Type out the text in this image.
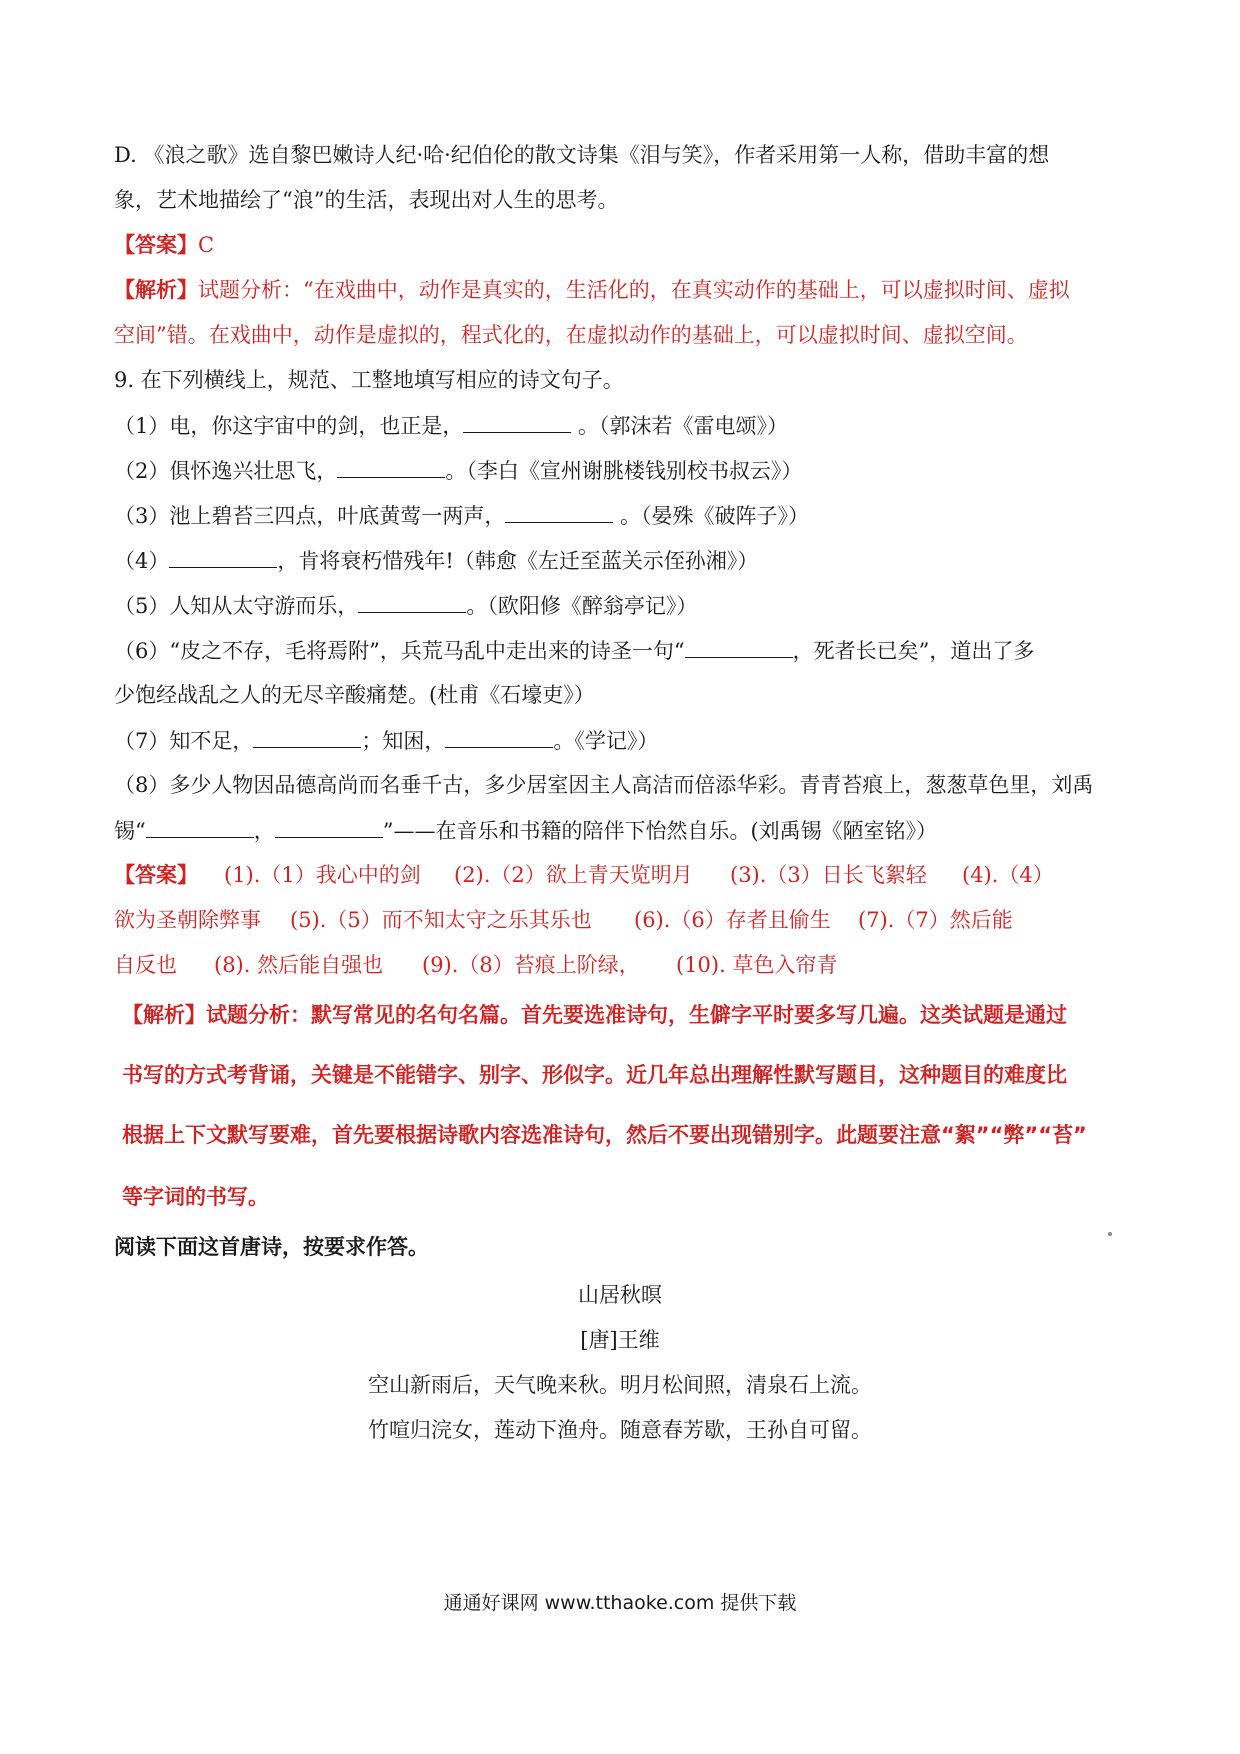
D. 《浪之歌》选自黎巴嫩诗人纪·哈·纪伯伦的散文诗集《泪与笑》，作者采用第一人称，借助丰富的想
象，艺术地描绘了“浪”的生活，表现出对人生的思考。
【答案】C
【解析】试题分析：“在戏曲中，动作是真实的，生活化的，在真实动作的基础上，可以虚拟时间、虚拟
空间”错。在戏曲中，动作是虚拟的，程式化的，在虚拟动作的基础上，可以虚拟时间、虚拟空间。
9. 在下列横线上，规范、工整地填写相应的诗文句子。
（1）电，你这宇宙中的剑，也正是，	。（郭沫若《雷电颂》）
（2）俱怀逸兴壮思飞，	。（李白《宣州谢朓楼钱别校书叔云》）
（3）池上碧苔三四点，叶底黄莺一两声，	。（晏殊《破阵子》）
（4）	，肯将衰朽惜残年!（韩愈《左迁至蓝关示侄孙湘》）
（5）人知从太守游而乐，	。（欧阳修《醉翁亭记》）
（6）“皮之不存，毛将焉附”，兵荒马乱中走出来的诗圣一句“	，死者长已矣”，道出了多
少饱经战乱之人的无尽辛酸痛楚。(杜甫《石壕吏》）
（7）知不足，	；知困，	。《学记》）
（8）多少人物因品德高尚而名垂千古，多少居室因主人高洁而倍添华彩。青青苔痕上，葱葱草色里，刘禹
锡“	，	”——在音乐和书籍的陪伴下怡然自乐。(刘禹锡《陋室铭》）
【答案】 (1).（1）我心中的剑 (2).（2）欲上青天览明月 (3).（3）日长飞絮轻 (4).（4）
欲为圣朝除弊事 (5).（5）而不知太守之乐其乐也 (6).（6）存者且偷生 (7).（7）然后能
自反也 (8). 然后能自强也 (9).（8）苔痕上阶绿， (10). 草色入帘青
【解析】试题分析：默写常见的名句名篇。首先要选准诗句，生僻字平时要多写几遍。这类试题是通过
书写的方式考背诵，关键是不能错字、别字、形似字。近几年总出理解性默写题目，这种题目的难度比
根据上下文默写要难，首先要根据诗歌内容选准诗句，然后不要出现错别字。此题要注意“絮”“弊”“苔”
等字词的书写。
阅读下面这首唐诗，按要求作答。
山居秋暝
[唐]王维
空山新雨后，天气晚来秋。明月松间照，清泉石上流。
竹喧归浣女，莲动下渔舟。随意春芳歇，王孙自可留。
通通好课网 www.tthaoke.com 提供下载
